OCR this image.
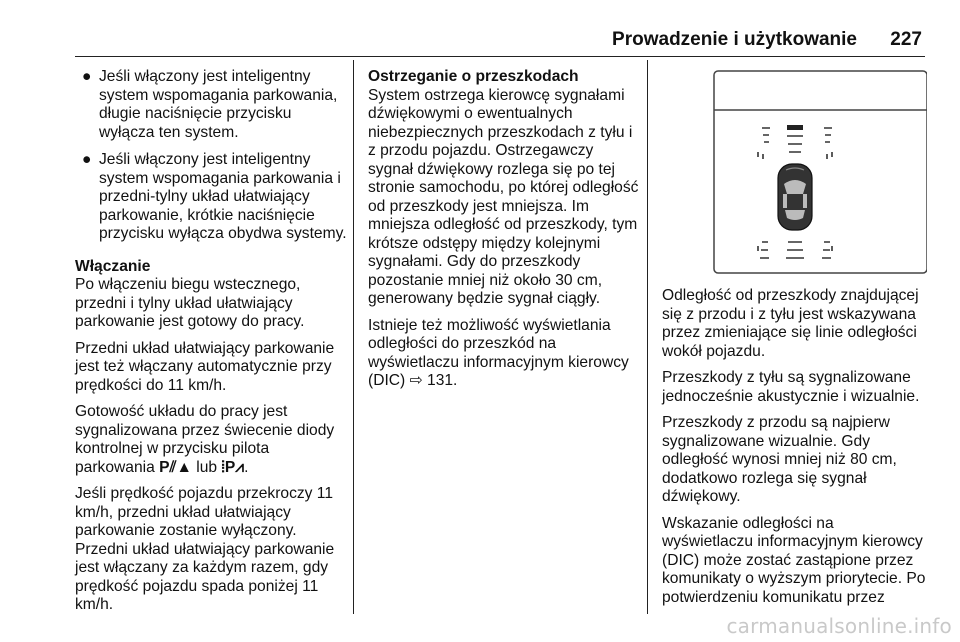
Prowadzenie i użytkowanie 227
● Jeśli włączony jest inteligentny system wspomagania parkowania, długie naciśnięcie przycisku wyłącza ten system.
● Jeśli włączony jest inteligentny system wspomagania parkowania i przedni-tylny układ ułatwiający parkowanie, krótkie naciśnięcie przycisku wyłącza obydwa systemy.

Włączanie

Po włączeniu biegu wstecznego, przedni i tylny układ ułatwiający parkowanie jest gotowy do pracy.

Przedni układ ułatwiający parkowanie jest też włączany automatycznie przy prędkości do 11 km/h.

Gotowość układu do pracy jest sygnalizowana przez świecenie diody kontrolnej w przycisku pilota parkowania P⫽▲ lub ⦙P⩘.

Jeśli prędkość pojazdu przekroczy 11 km/h, przedni układ ułatwiający parkowanie zostanie wyłączony. Przedni układ ułatwiający parkowanie jest włączany za każdym razem, gdy prędkość pojazdu spada poniżej 11 km/h.

Ostrzeganie o przeszkodach

System ostrzega kierowcę sygnałami dźwiękowymi o ewentualnych niebezpiecznych przeszkodach z tyłu i z przodu pojazdu. Ostrzegawczy sygnał dźwiękowy rozlega się po tej stronie samochodu, po której odległość od przeszkody jest mniejsza. Im mniejsza odległość od przeszkody, tym krótsze odstępy między kolejnymi sygnałami. Gdy do przeszkody pozostanie mniej niż około 30 cm, generowany będzie sygnał ciągły.

Istnieje też możliwość wyświetlania odległości do przeszkód na wyświetlaczu informacyjnym kierowcy (DIC) ⇨ 131.

Odległość od przeszkody znajdującej się z przodu i z tyłu jest wskazywana przez zmieniające się linie odległości wokół pojazdu.

Przeszkody z tyłu są sygnalizowane jednocześnie akustycznie i wizualnie.

Przeszkody z przodu są najpierw sygnalizowane wizualnie. Gdy odległość wynosi mniej niż 80 cm, dodatkowo rozlega się sygnał dźwiękowy.

Wskazanie odległości na wyświetlaczu informacyjnym kierowcy (DIC) może zostać zastąpione przez komunikaty o wyższym priorytecie. Po potwierdzeniu komunikatu przez

carmanualsonline.info
